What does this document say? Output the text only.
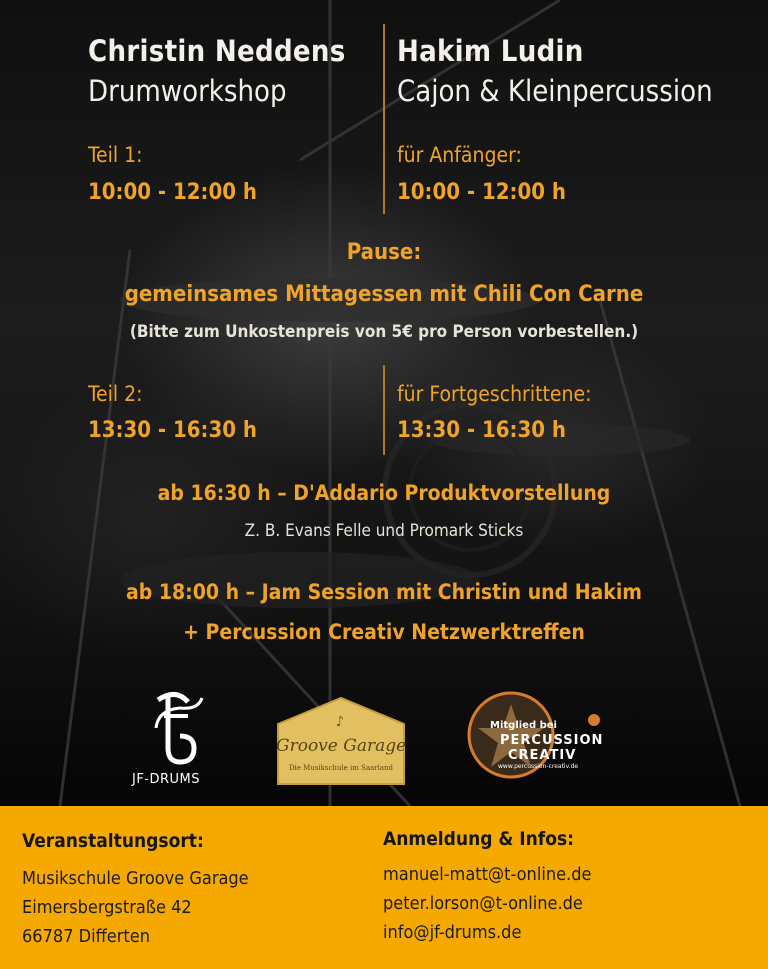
Christin Neddens
Drumworkshop
Teil 1:
10:00 - 12:00 h
Hakim Ludin
Cajon & Kleinpercussion
für Anfänger:
10:00 - 12:00 h
Pause:
gemeinsames Mittagessen mit Chili Con Carne
(Bitte zum Unkostenpreis von 5€ pro Person vorbestellen.)
Teil 2:
13:30 - 16:30 h
für Fortgeschrittene:
13:30 - 16:30 h
ab 16:30 h – D'Addario Produktvorstellung
Z. B. Evans Felle und Promark Sticks
ab 18:00 h – Jam Session mit Christin und Hakim
+ Percussion Creativ Netzwerktreffen
JF-DRUMS
♪
Groove Garage
Die Musikschule im Saarland
Mitglied bei
PERCUSSION
CREATIV
www.percussion-creativ.de
Veranstaltungsort:
Musikschule Groove Garage
Eimersbergstraße 42
66787 Differten
Anmeldung & Infos:
manuel-matt@t-online.de
peter.lorson@t-online.de
info@jf-drums.de
